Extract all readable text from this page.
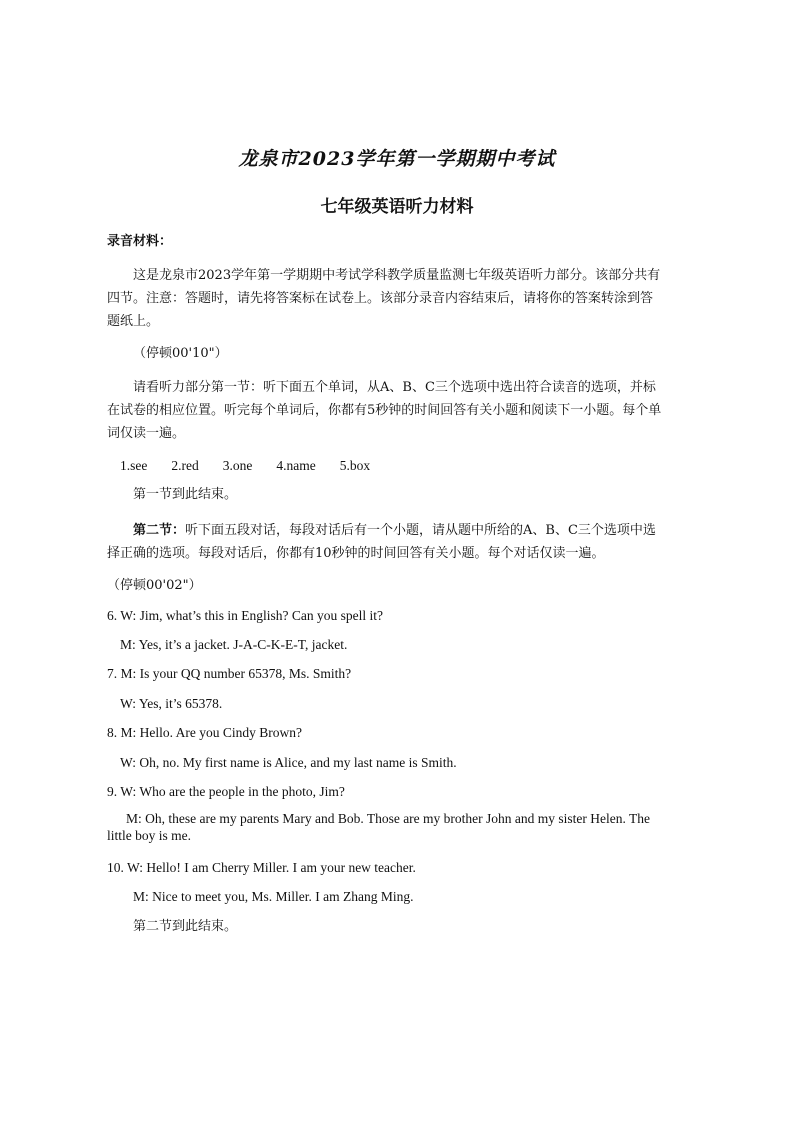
龙泉市2023学年第一学期期中考试
七年级英语听力材料
录音材料：
这是龙泉市2023学年第一学期期中考试学科教学质量监测七年级英语听力部分。该部分共有
四节。注意：答题时，请先将答案标在试卷上。该部分录音内容结束后，请将你的答案转涂到答
题纸上。
（停顿00'10"）
请看听力部分第一节：听下面五个单词，从A、B、C三个选项中选出符合读音的选项，并标
在试卷的相应位置。听完每个单词后，你都有5秒钟的时间回答有关小题和阅读下一小题。每个单
词仅读一遍。
1.see 2.red 3.one 4.name 5.box
第一节到此结束。
第二节：听下面五段对话，每段对话后有一个小题，请从题中所给的A、B、C三个选项中选
择正确的选项。每段对话后，你都有10秒钟的时间回答有关小题。每个对话仅读一遍。
（停顿00'02"）
6. W: Jim, what’s this in English? Can you spell it?
M: Yes, it’s a jacket. J-A-C-K-E-T, jacket.
7. M: Is your QQ number 65378, Ms. Smith?
W: Yes, it’s 65378.
8. M: Hello. Are you Cindy Brown?
W: Oh, no. My first name is Alice, and my last name is Smith.
9. W: Who are the people in the photo, Jim?
M: Oh, these are my parents Mary and Bob. Those are my brother John and my sister Helen. The
little boy is me.
10. W: Hello! I am Cherry Miller. I am your new teacher.
M: Nice to meet you, Ms. Miller. I am Zhang Ming.
第二节到此结束。
